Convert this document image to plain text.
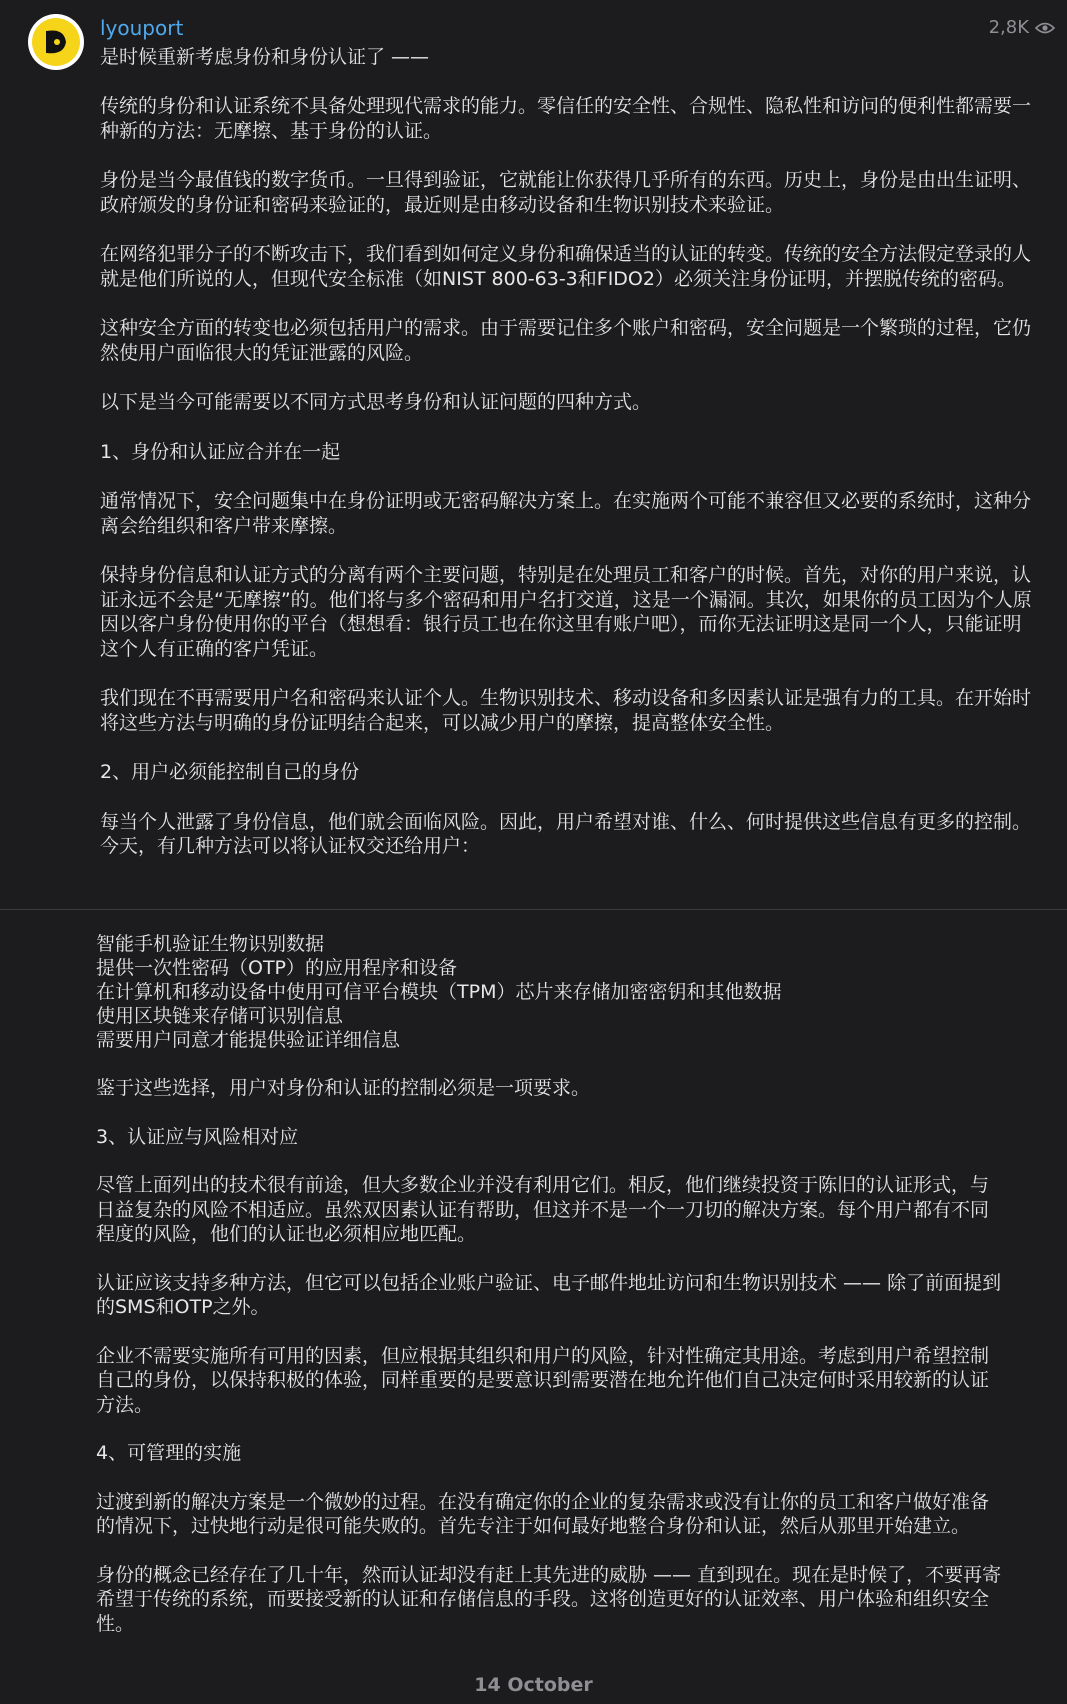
lyouport	2,8K
是时候重新考虑身份和身份认证了 ——

传统的身份和认证系统不具备处理现代需求的能力。零信任的安全性、合规性、隐私性和访问的便利性都需要一种新的方法：无摩擦、基于身份的认证。

身份是当今最值钱的数字货币。一旦得到验证，它就能让你获得几乎所有的东西。历史上，身份是由出生证明、政府颁发的身份证和密码来验证的，最近则是由移动设备和生物识别技术来验证。

在网络犯罪分子的不断攻击下，我们看到如何定义身份和确保适当的认证的转变。传统的安全方法假定登录的人就是他们所说的人，但现代安全标准（如NIST 800-63-3和FIDO2）必须关注身份证明，并摆脱传统的密码。

这种安全方面的转变也必须包括用户的需求。由于需要记住多个账户和密码，安全问题是一个繁琐的过程，它仍然使用户面临很大的凭证泄露的风险。

以下是当今可能需要以不同方式思考身份和认证问题的四种方式。

1、身份和认证应合并在一起

通常情况下，安全问题集中在身份证明或无密码解决方案上。在实施两个可能不兼容但又必要的系统时，这种分离会给组织和客户带来摩擦。

保持身份信息和认证方式的分离有两个主要问题，特别是在处理员工和客户的时候。首先，对你的用户来说，认证永远不会是“无摩擦”的。他们将与多个密码和用户名打交道，这是一个漏洞。其次，如果你的员工因为个人原因以客户身份使用你的平台（想想看：银行员工也在你这里有账户吧），而你无法证明这是同一个人，只能证明这个人有正确的客户凭证。

我们现在不再需要用户名和密码来认证个人。生物识别技术、移动设备和多因素认证是强有力的工具。在开始时将这些方法与明确的身份证明结合起来，可以减少用户的摩擦，提高整体安全性。

2、用户必须能控制自己的身份

每当个人泄露了身份信息，他们就会面临风险。因此，用户希望对谁、什么、何时提供这些信息有更多的控制。今天，有几种方法可以将认证权交还给用户：

智能手机验证生物识别数据
提供一次性密码（OTP）的应用程序和设备
在计算机和移动设备中使用可信平台模块（TPM）芯片来存储加密密钥和其他数据
使用区块链来存储可识别信息
需要用户同意才能提供验证详细信息

鉴于这些选择，用户对身份和认证的控制必须是一项要求。

3、认证应与风险相对应

尽管上面列出的技术很有前途，但大多数企业并没有利用它们。相反，他们继续投资于陈旧的认证形式，与日益复杂的风险不相适应。虽然双因素认证有帮助，但这并不是一个一刀切的解决方案。每个用户都有不同程度的风险，他们的认证也必须相应地匹配。

认证应该支持多种方法，但它可以包括企业账户验证、电子邮件地址访问和生物识别技术 —— 除了前面提到的SMS和OTP之外。

企业不需要实施所有可用的因素，但应根据其组织和用户的风险，针对性确定其用途。考虑到用户希望控制自己的身份，以保持积极的体验，同样重要的是要意识到需要潜在地允许他们自己决定何时采用较新的认证方法。

4、可管理的实施

过渡到新的解决方案是一个微妙的过程。在没有确定你的企业的复杂需求或没有让你的员工和客户做好准备的情况下，过快地行动是很可能失败的。首先专注于如何最好地整合身份和认证，然后从那里开始建立。

身份的概念已经存在了几十年，然而认证却没有赶上其先进的威胁 —— 直到现在。现在是时候了，不要再寄希望于传统的系统，而要接受新的认证和存储信息的手段。这将创造更好的认证效率、用户体验和组织安全性。

14 October
